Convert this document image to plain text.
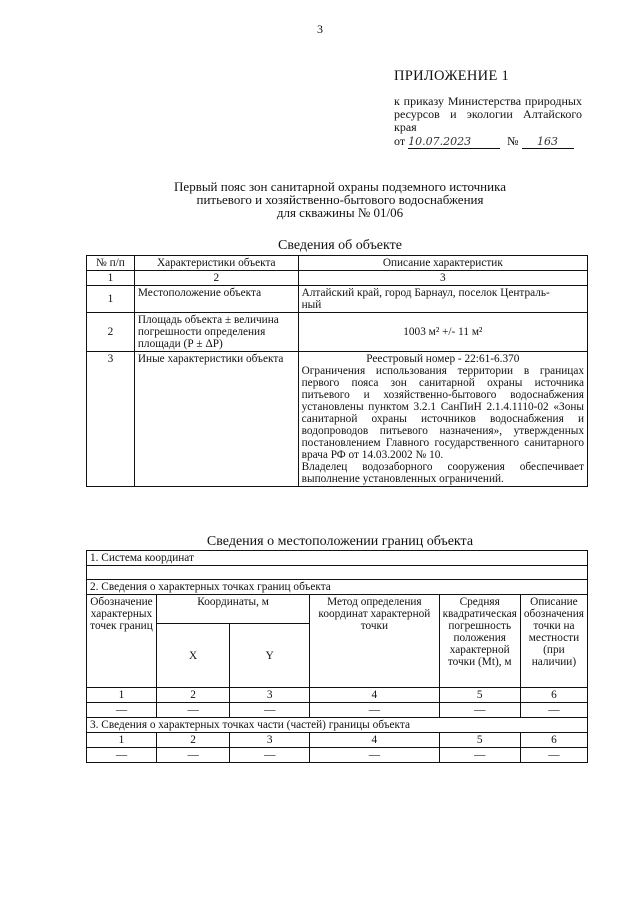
3
ПРИЛОЖЕНИЕ 1
к приказу Министерства природных ресурсов и экологии Алтайского края
от 10.07.2023	№ 163
Первый пояс зон санитарной охраны подземного источника
питьевого и хозяйственно-бытового водоснабжения
для скважины № 01/06
Сведения об объекте
№ п/п	Характеристики объекта	Описание характеристик
1	2	3
1	Местоположение объекта	Алтайский край, город Барнаул, поселок Централь-
ный

2	Площадь объекта ± величина погрешности определения площади (Р ± ΔР)	1003 м² +/- 11 м²
3	Иные характеристики объекта	Реестровый номер - 22:61-6.370
Ограничения использования территории в границах первого пояса зон санитарной охраны источника питьевого и хозяйственно-бытового водоснабжения установлены пунктом 3.2.1 СанПиН 2.1.4.1110-02 «Зоны санитарной охраны источников водоснабжения и водопроводов питьевого назначения», утвержденных постановлением Главного государственного санитарного врача РФ от 14.03.2002 № 10.
Владелец водозаборного сооружения обеспечивает выполнение установленных ограничений.
Сведения о местоположении границ объекта
1. Система координат					

2. Сведения о характерных точках границ объекта					
Обозначение характерных точек границ	Координаты, м		Метод определения координат характерной точки	Средняя квадратическая погрешность положения характерной точки (Mt), м	Описание обозначения точки на местности (при наличии)
	X	Y			
1	2	3	4	5	6
—	—	—	—	—	—
3. Сведения о характерных точках части (частей) границы объекта					
1	2	3	4	5	6
—	—	—	—	—	—
